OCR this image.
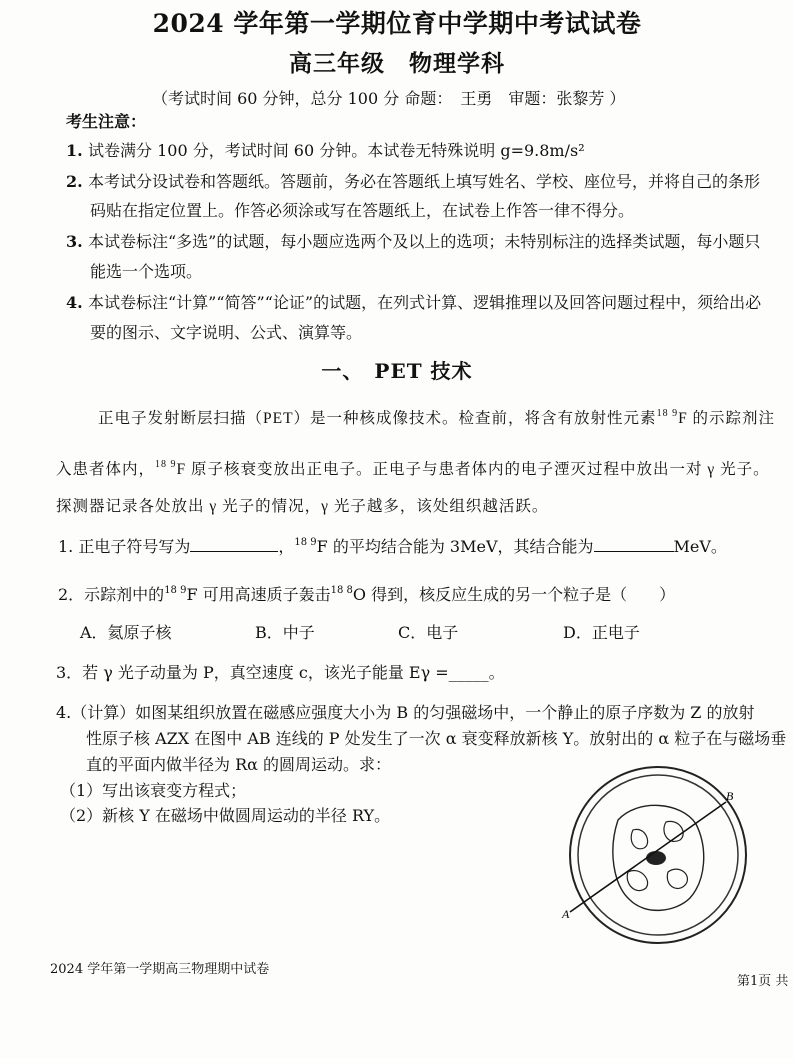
2024 学年第一学期位育中学期中考试试卷
高三年级　物理学科
（考试时间 60 分钟，总分 100 分 命题：　王勇　审题：张黎芳 ）
考生注意：
1. 试卷满分 100 分，考试时间 60 分钟。本试卷无特殊说明 g=9.8m/s²
2. 本考试分设试卷和答题纸。答题前，务必在答题纸上填写姓名、学校、座位号，并将自己的条形
码贴在指定位置上。作答必须涂或写在答题纸上，在试卷上作答一律不得分。
3. 本试卷标注“多选”的试题，每小题应选两个及以上的选项；未特别标注的选择类试题，每小题只
能选一个选项。
4. 本试卷标注“计算”“简答”“论证”的试题，在列式计算、逻辑推理以及回答问题过程中，须给出必
要的图示、文字说明、公式、演算等。
一、　PET 技术
正电子发射断层扫描（PET）是一种核成像技术。检查前，将含有放射性元素$^{18 9}$F 的示踪剂注
入患者体内，$^{18 9}$F 原子核衰变放出正电子。正电子与患者体内的电子湮灭过程中放出一对 γ 光子。
探测器记录各处放出 γ 光子的情况，γ 光子越多，该处组织越活跃。
1. 正电子符号写为	，$^{18 9}$F 的平均结合能为 3MeV，其结合能为	MeV。
2．示踪剂中的$^{18 9}$F 可用高速质子轰击$^{18 8}$O 得到，核反应生成的另一个粒子是（　　）
A．氦原子核	B．中子	C．电子	D．正电子
3．若 γ 光子动量为 P，真空速度 c，该光子能量 Eγ =_____。
4.（计算）如图某组织放置在磁感应强度大小为 B 的匀强磁场中，一个静止的原子序数为 Z 的放射
性原子核 AZX 在图中 AB 连线的 P 处发生了一次 α 衰变释放新核 Y。放射出的 α 粒子在与磁场垂
直的平面内做半径为 Rα 的圆周运动。求：
（1）写出该衰变方程式；
（2）新核 Y 在磁场中做圆周运动的半径 RY。
A
B
2024 学年第一学期高三物理期中试卷
第1页 共
